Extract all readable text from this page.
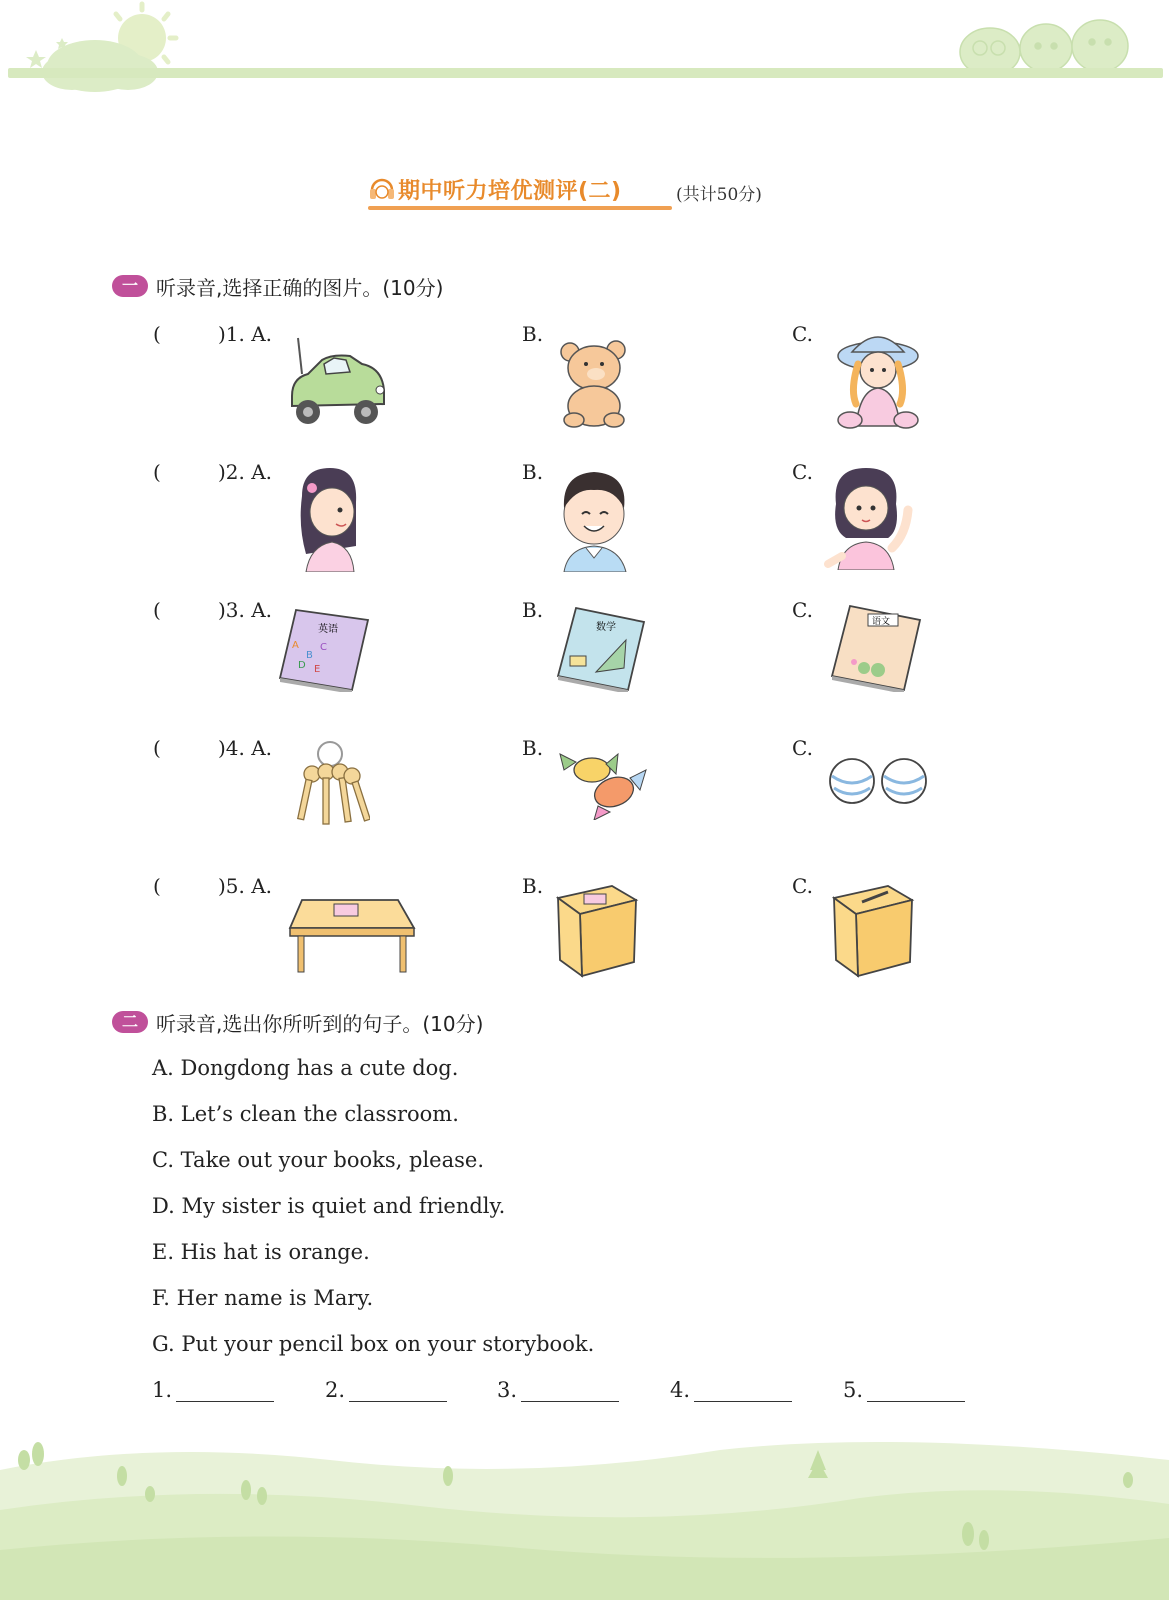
期中听力培优测评(二)	(共计50分)
一 听录音,选择正确的图片。(10分)
(	)1. A.	B.	C.
(	)2. A.	B.	C.
(	)3. A.	B.	C.
英语
A
B
C
D E
数学	语文
(	)4. A.	B.	C.
(	)5. A.	B.	C.
二 听录音,选出你所听到的句子。(10分)
A. Dongdong has a cute dog.
B. Let’s clean the classroom.
C. Take out your books, please.
D. My sister is quiet and friendly.
E. His hat is orange.
F. Her name is Mary.
G. Put your pencil box on your storybook.
1.	2.	3.	4.	5.
